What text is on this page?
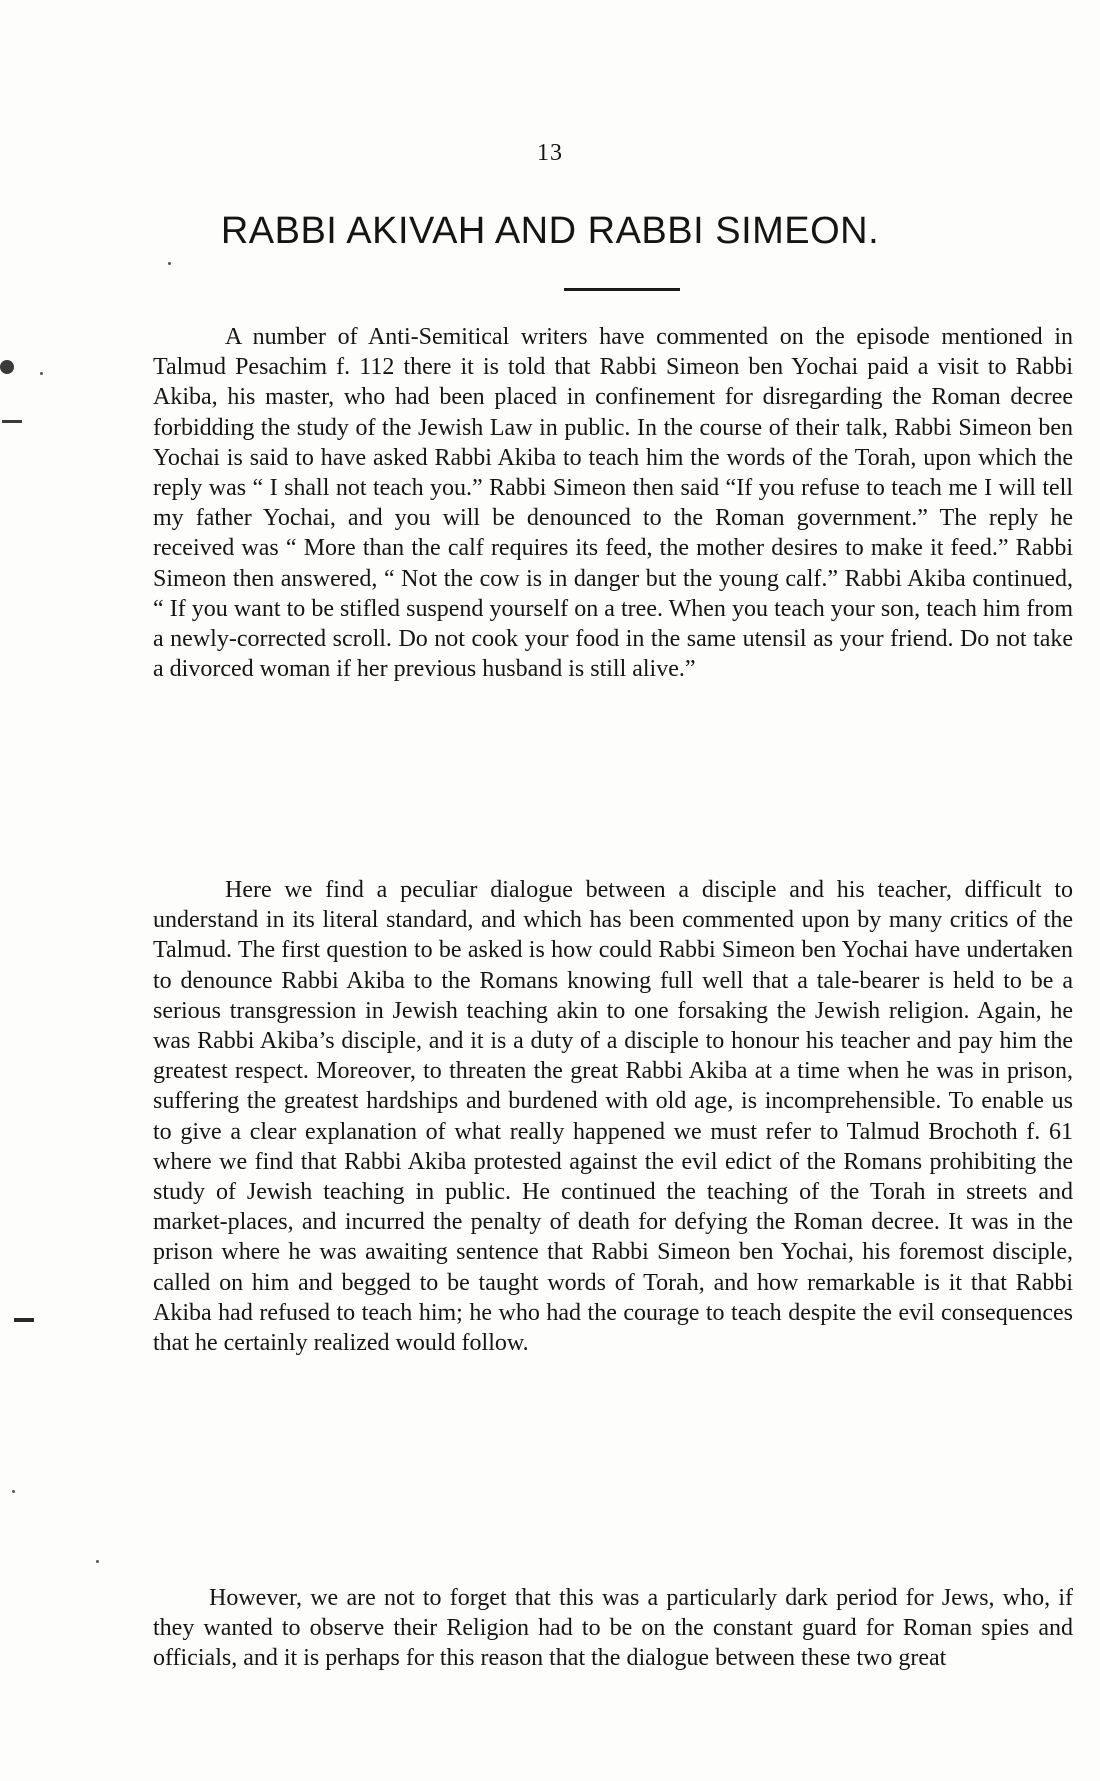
13
RABBI AKIVAH AND RABBI SIMEON.

A number of Anti-Semitical writers have commented on the episode mentioned in Talmud Pesachim f. 112 there it is told that Rabbi Simeon ben Yochai paid a visit to Rabbi Akiba, his master, who had been placed in confinement for disregarding the Roman decree forbidding the study of the Jewish Law in public. In the course of their talk, Rabbi Simeon ben Yochai is said to have asked Rabbi Akiba to teach him the words of the Torah, upon which the reply was “ I shall not teach you.” Rabbi Simeon then said “If you refuse to teach me I will tell my father Yochai, and you will be denounced to the Roman government.” The reply he received was “ More than the calf requires its feed, the mother desires to make it feed.” Rabbi Simeon then answered, “ Not the cow is in danger but the young calf.” Rabbi Akiba continued, “ If you want to be stifled suspend yourself on a tree. When you teach your son, teach him from a newly-corrected scroll. Do not cook your food in the same utensil as your friend. Do not take a divorced woman if her previous husband is still alive.”

Here we find a peculiar dialogue between a disciple and his teacher, difficult to understand in its literal standard, and which has been commented upon by many critics of the Talmud. The first question to be asked is how could Rabbi Simeon ben Yochai have undertaken to denounce Rabbi Akiba to the Romans knowing full well that a tale-bearer is held to be a serious transgression in Jewish teaching akin to one forsaking the Jewish religion. Again, he was Rabbi Akiba’s disciple, and it is a duty of a disciple to honour his teacher and pay him the greatest respect. Moreover, to threaten the great Rabbi Akiba at a time when he was in prison, suffering the greatest hardships and burdened with old age, is incomprehensible. To enable us to give a clear explanation of what really happened we must refer to Talmud Brochoth f. 61 where we find that Rabbi Akiba protested against the evil edict of the Romans prohibiting the study of Jewish teaching in public. He continued the teaching of the Torah in streets and market-places, and incurred the penalty of death for defying the Roman decree. It was in the prison where he was awaiting sentence that Rabbi Simeon ben Yochai, his foremost disciple, called on him and begged to be taught words of Torah, and how remarkable is it that Rabbi Akiba had refused to teach him; he who had the courage to teach despite the evil consequences that he certainly realized would follow.

However, we are not to forget that this was a particularly dark period for Jews, who, if they wanted to observe their Religion had to be on the constant guard for Roman spies and officials, and it is perhaps for this reason that the dialogue between these two great
